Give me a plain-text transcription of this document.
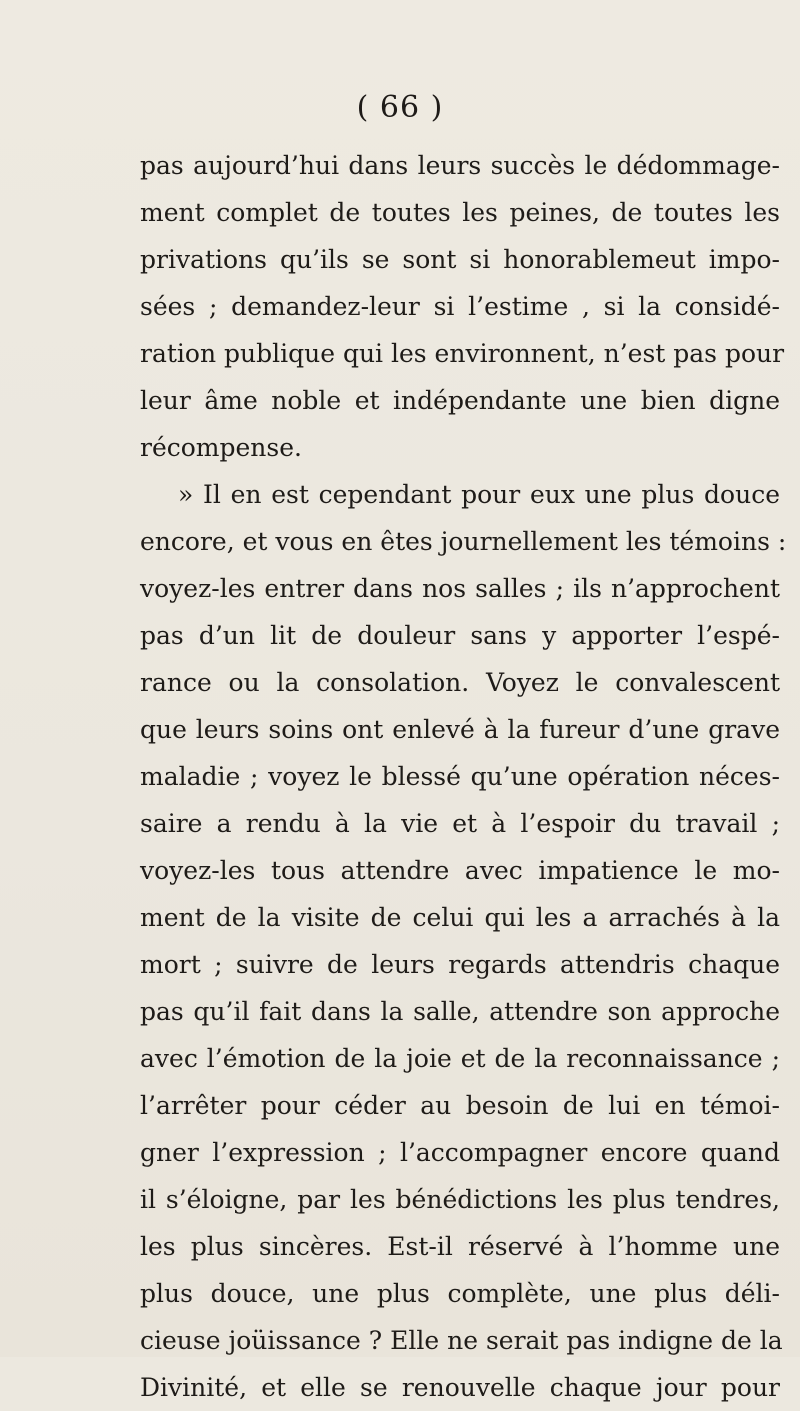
( 66 )
pas aujourd’hui dans leurs succès le dédommage-
ment complet de toutes les peines, de toutes les
privations qu’ils se sont si honorablemeut impo-
sées ; demandez-leur si l’estime , si la considé-
ration publique qui les environnent, n’est pas pour
leur âme noble et indépendante une bien digne
récompense.
» Il en est cependant pour eux une plus douce
encore, et vous en êtes journellement les témoins :
voyez-les entrer dans nos salles ; ils n’approchent
pas d’un lit de douleur sans y apporter l’espé-
rance ou la consolation. Voyez le convalescent
que leurs soins ont enlevé à la fureur d’une grave
maladie ; voyez le blessé qu’une opération néces-
saire a rendu à la vie et à l’espoir du travail ;
voyez-les tous attendre avec impatience le mo-
ment de la visite de celui qui les a arrachés à la
mort ; suivre de leurs regards attendris chaque
pas qu’il fait dans la salle, attendre son approche
avec l’émotion de la joie et de la reconnaissance ;
l’arrêter pour céder au besoin de lui en témoi-
gner l’expression ; l’accompagner encore quand
il s’éloigne, par les bénédictions les plus tendres,
les plus sincères. Est-il réservé à l’homme une
plus douce, une plus complète, une plus déli-
cieuse joüissance ? Elle ne serait pas indigne de la
Divinité, et elle se renouvelle chaque jour pour
